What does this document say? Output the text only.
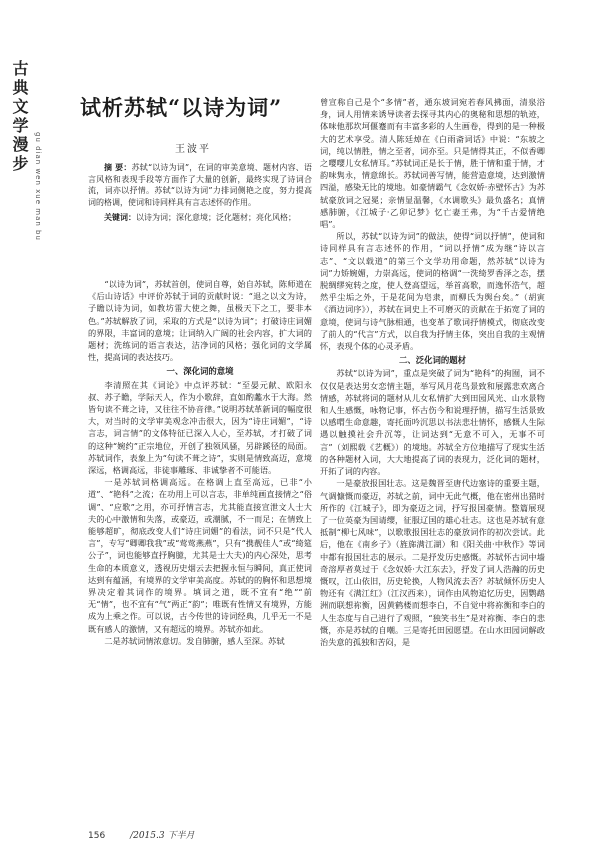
古典文学漫步
gu dian wen xue man bu
试析苏轼“以诗为词”
王波平

摘 要：苏轼“以诗为词”，在词的审美意境、题材内容、语言风格和表现手段等方面作了大量的创新，最终实现了诗词合流，词亦以抒情。苏轼“以诗为词”力排词侧艳之度，努力提高词的格调，使词和诗同样具有言志述怀的作用。

关键词：以诗为词；深化意境；泛化题材；亮化风格；

“以诗为词”，苏轼首创，使词自尊，始自苏轼，陈师道在《后山诗话》中评价苏轼于词的贡献时说：“退之以文为诗，子瞻以诗为词，如教坊雷大使之舞，虽极天下之工，要非本色。”苏轼解放了词，采取的方式是“以诗为词”；打破诗庄词媚的界限，丰富词的意境；让词纳入广阔的社会内容，扩大词的题材；洗练词的语言表达，洁净词的风格；强化词的文学属性，提高词的表达技巧。

一、深化词的意境

李清照在其《词论》中点评苏轼：“至晏元献、欧阳永叔、苏子瞻，学际天人，作为小歌辞，直如酌蠡水于大海。然皆句读不葺之诗，又往往不协音律。”说明苏轼革新词的幅度很大，对当时的文学审美观念冲击很大，因为“诗庄词媚”，“诗言志，词言情”的文体特征已深入人心，至苏轼，才打破了词的这种“婉约”正宗地位，开创了独领风骚，另辟蹊径的局面。苏轼词作，表象上为“句读不葺之诗”，实则是情致高迈，意境深远，格调高远，非徒事雕琢、非诚挚者不可能语。

一是苏轼词格调高远。在格调上直至高远，已非“小道”、“艳科”之流；在功用上可以言志，非单纯画直接情之“俗调”、“应歌”之用，亦可抒情言志，尤其能直接宣泄文人士大夫的心中激情和失落，或豪迈，或潮腻，不一而足；在情致上能够超旷，彻底改变人们“诗庄词媚”的看法，词不只是“代人言”，专写“卿卿我我”或“莺莺燕燕”，只有“携靓佳人”或“绮筵公子”，词也能够直抒胸臆，尤其是士大夫)的内心深处，思考生命的本质意义，透视历史烟云去把握永恒与瞬间，真正使词达到有蕴涵，有境界的文学审美高度。苏轼的的胸怀和思想境界决定着其词作的境界。填词之道，既不宜有“绝”“前无“情”，也不宜有“气”两正“韵”；唯既有性情又有境界，方能成为上乘之作。可以说，古今传世的诗词经典，几乎无一不是既有感人的激情，又有超远的境界。苏轼亦如此。

二是苏轼词情浓意切。发自肺腑，感人至深。苏轼

曾宣称自己是个“多情”者，通东坡词宛若春风拂面，清泉浴身，词人用情来诱导读者去探寻其内心的奥秘和思想的轨迹，体味他那坎坷偃蹇而有丰富多彩的人生画卷，得到的是一种极大的艺术享受。清人陈廷焯在《白雨斋词话》中说：“东坡之词，纯以情胜，情之至者，词亦至。只是情得其正，不似香卿之嘤嘤儿女私情耳。”苏轼词正是长于情，胜于情和重于情，才韵味隽永，情意绵长。苏轼词善写情，能营造意境，达到激情四溢，感染无比的境地。如豪情霸气《念奴娇·赤壁怀古》为苏轼豪放词之冠冕；亲情显温馨，《水调歌头》最负盛名；真情感肺腑，《江城子·乙卯记梦》忆亡妻王弗，为“千古爱情绝唱”。

所以，苏轼“以诗为词”的做法，使得“词以抒情”，使词和诗同样具有言志述怀的作用，“词以抒情”成为继“诗以言志”、“文以载道”的第三个文学功用命题，然苏轼“以诗为词”力矫婉媚，力崇高远，使词的格调“一洗绮罗香泽之态，摆脱绸缪宛转之度，使人登高望远，举首高歌，而逸怀浩气，超然乎尘垢之外，于是花间为皂隶，而柳氏为舆台矣。”（胡寅《酒边词序》），苏轼在词史上不可磨灭的贡献在于拓宽了词的意境，使词与诗气脉相通，也变革了歌词抒情模式，彻底改变了前人的“代言”方式，以自我为抒情主体，突出自我的主观情怀，表现个体的心灵矛盾。

二、泛化词的题材

苏轼“以诗为词”，重点是突破了词为“艳科”的拘囿，词不仅仅是表达男女恋情主题，举写风月花鸟景致和展露悲欢离合情感，苏轼将词的题材从儿女私情扩大到田园风光、山水景物和人生感慨，咏物记事，怀古伤今和说理抒情，描写生活景致以感喟生命意趣，寄托面吟沉思以书法悲壮情怀，感慨人生际遇以触摸社会升沉等，让词达到“无意不可入，无事不可言”（刘熙载《艺概》）的境地。苏轼全方位地描写了现实生活的各种题材入词，大大地提高了词的表现力，泛化词的题材，开拓了词的内容。

一是豪放报国壮志。这是魏晋至唐代边塞诗的重要主题，气调慷慨而豪迈，苏轼之前，词中无此气概，他在密州出猎时所作的《江城子》，即为豪迈之词，抒写报国豪情。整篇展现了一位英豪为国请缨，征服辽国的雄心壮志。这也是苏轼有意抵制“柳七风味”，以歌歌报国壮志的豪放词作的初次尝试。此后，他在《南乡子》（旌旆满江湖）和《阳关曲·中秋作》等词中都有报国壮志的展示。二是抒发历史感慨。苏轼怀古词中墙奇溶厚者莫过于《念奴娇·大江东去》，抒发了词人浩瀚的历史慨叹，江山依旧，历史轮换，人物风流去否？苏轼倾怀历史人物还有《满江红》（江汉西来），词作由风物追忆历史，因鹦鹉洲而联想祢衡，因黄鹤楼而想李白，不自觉中将祢衡和李白的人生态度与自己进行了观照，“独笑书生”是对祢衡、李白的悲慨，亦是苏轼的自嘲。三是寄托田园愿望。在山水田园词解政治失意的孤独和苦闷，是

156	/2015.3 下半月
